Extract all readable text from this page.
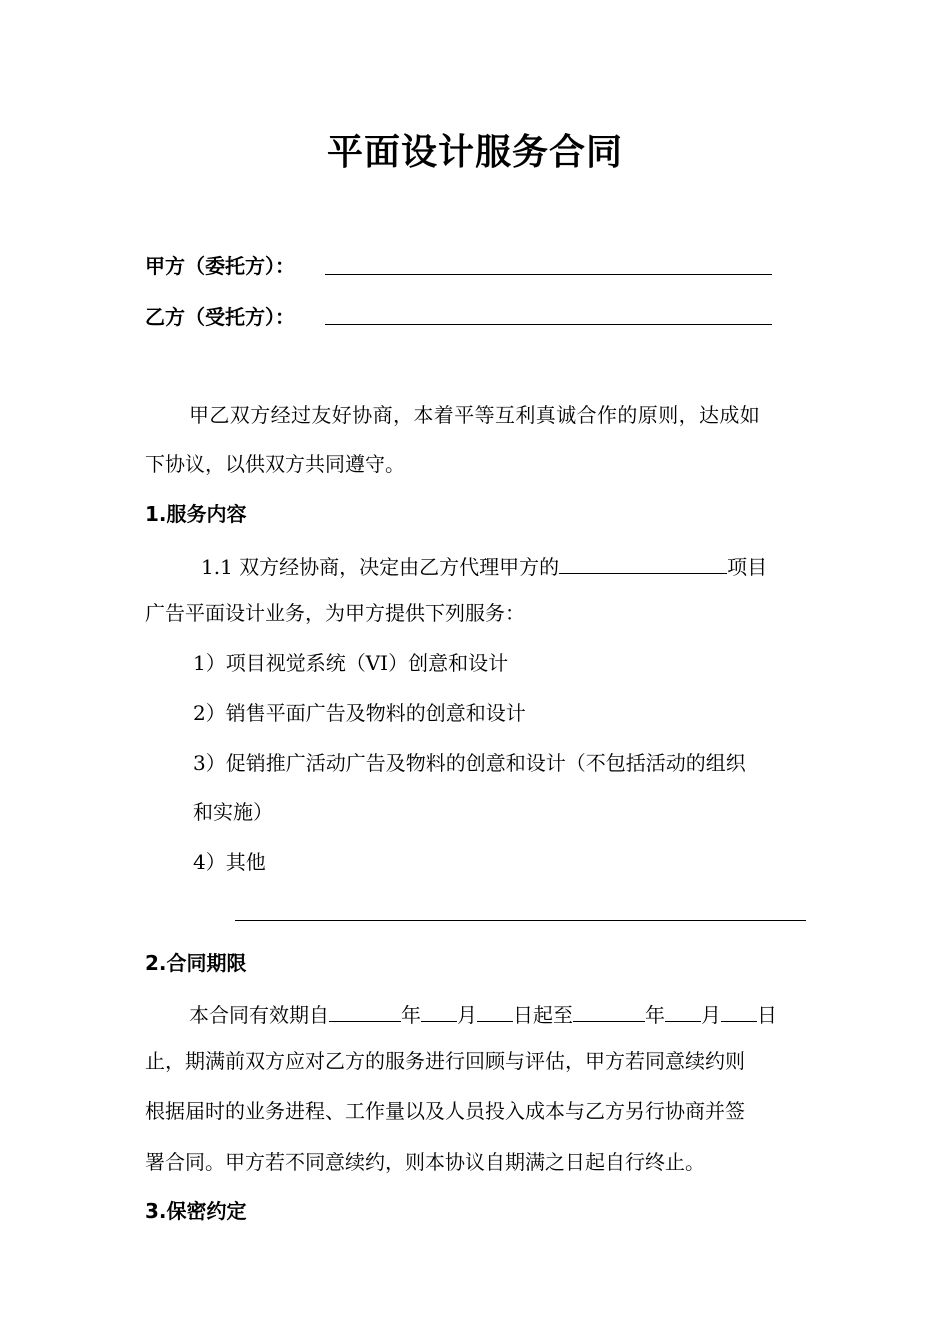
平面设计服务合同
甲方（委托方）：
乙方（受托方）：
甲乙双方经过友好协商，本着平等互利真诚合作的原则，达成如
下协议，以供双方共同遵守。
1.服务内容
1.1 双方经协商，决定由乙方代理甲方的	项目
广告平面设计业务，为甲方提供下列服务：
1）项目视觉系统（VI）创意和设计
2）销售平面广告及物料的创意和设计
3）促销推广活动广告及物料的创意和设计（不包括活动的组织
和实施）
4）其他
2.合同期限
本合同有效期自	年 月 日起至	年 月 日
止，期满前双方应对乙方的服务进行回顾与评估，甲方若同意续约则
根据届时的业务进程、工作量以及人员投入成本与乙方另行协商并签
署合同。甲方若不同意续约，则本协议自期满之日起自行终止。
3.保密约定
